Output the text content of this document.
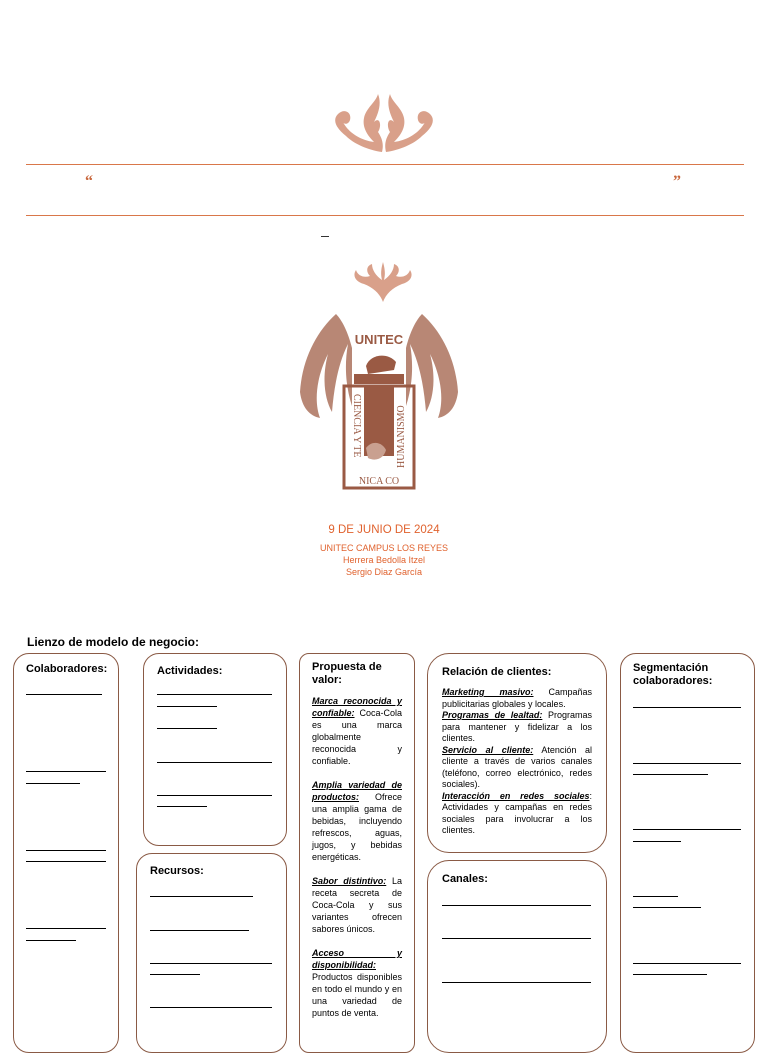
“	”
UNITEC
CIENCIA Y TE	HUMANISMO
NICA CO
9 DE JUNIO DE 2024
UNITEC CAMPUS LOS REYES
Herrera Bedolla Itzel
Sergio Diaz García
Lienzo de modelo de negocio:
Colaboradores:	Actividades:
Recursos:
Propuesta de valor:

Marca reconocida y confiable: Coca-Cola es una marca globalmente reconocida y confiable.

Amplia variedad de productos: Ofrece una amplia gama de bebidas, incluyendo refrescos, aguas, jugos, y bebidas energéticas.

Sabor distintivo: La receta secreta de Coca-Cola y sus variantes ofrecen sabores únicos.

Acceso y disponibilidad: Productos disponibles en todo el mundo y en una variedad de puntos de venta.

Relación de clientes:

Marketing masivo: Campañas publicitarias globales y locales.

Programas de lealtad: Programas para mantener y fidelizar a los clientes.

Servicio al cliente: Atención al cliente a través de varios canales (teléfono, correo electrónico, redes sociales).

Interacción en redes sociales: Actividades y campañas en redes sociales para involucrar a los clientes.

Canales:
Segmentación colaboradores:
